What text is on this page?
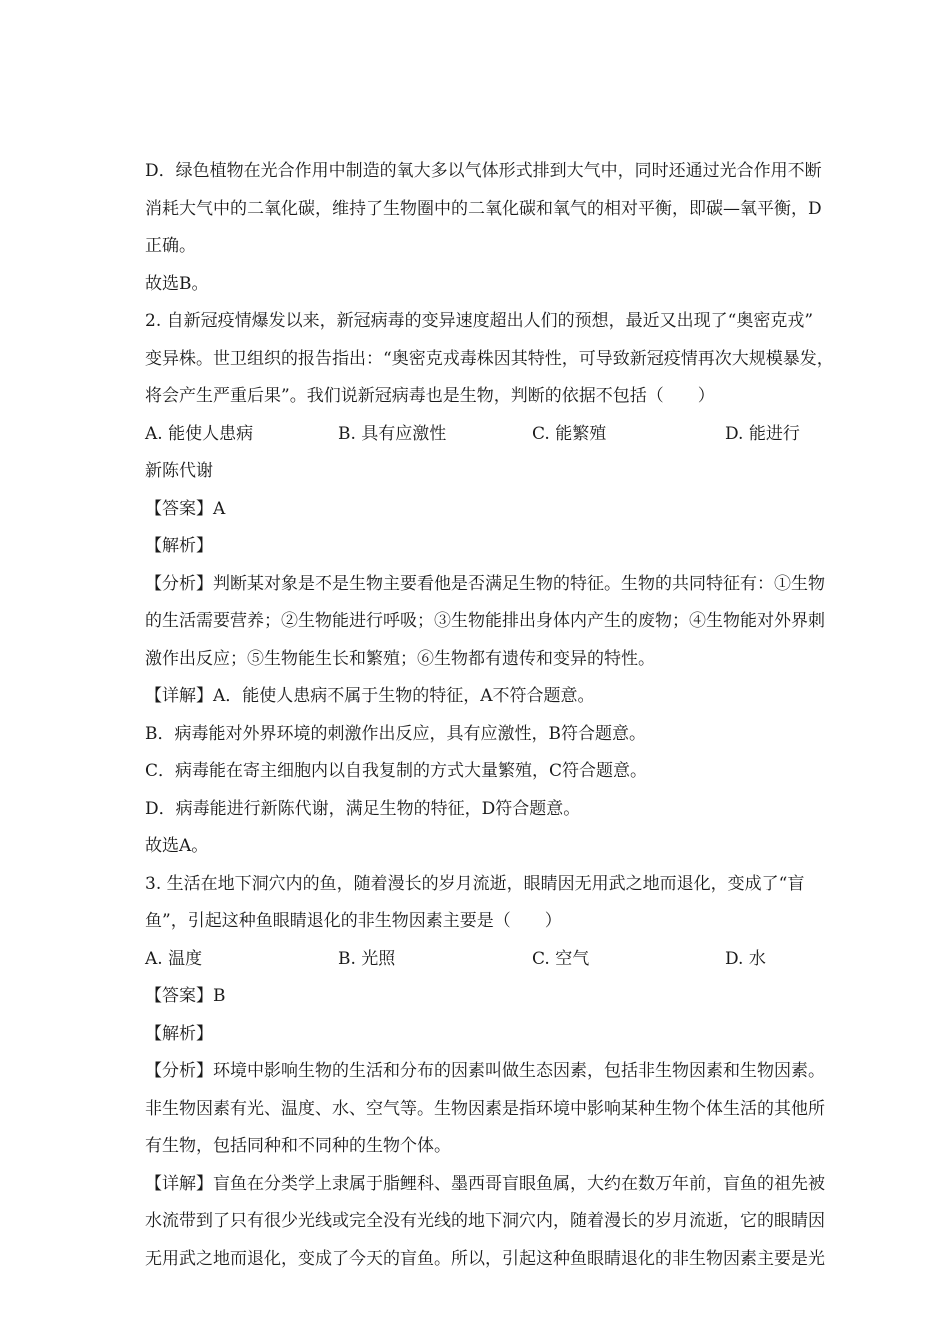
D．绿色植物在光合作用中制造的氧大多以气体形式排到大气中，同时还通过光合作用不断
消耗大气中的二氧化碳，维持了生物圈中的二氧化碳和氧气的相对平衡，即碳—氧平衡，D
正确。
故选B。
2. 自新冠疫情爆发以来，新冠病毒的变异速度超出人们的预想，最近又出现了“奥密克戎”
变异株。世卫组织的报告指出：“奥密克戎毒株因其特性，可导致新冠疫情再次大规模暴发，
将会产生严重后果”。我们说新冠病毒也是生物，判断的依据不包括（　　）
A. 能使人患病	B. 具有应激性	C. 能繁殖	D. 能进行
新陈代谢
【答案】A
【解析】
【分析】判断某对象是不是生物主要看他是否满足生物的特征。生物的共同特征有：①生物
的生活需要营养；②生物能进行呼吸；③生物能排出身体内产生的废物；④生物能对外界刺
激作出反应；⑤生物能生长和繁殖；⑥生物都有遗传和变异的特性。
【详解】A．能使人患病不属于生物的特征，A不符合题意。
B．病毒能对外界环境的刺激作出反应，具有应激性，B符合题意。
C．病毒能在寄主细胞内以自我复制的方式大量繁殖，C符合题意。
D．病毒能进行新陈代谢，满足生物的特征，D符合题意。
故选A。
3. 生活在地下洞穴内的鱼，随着漫长的岁月流逝，眼睛因无用武之地而退化，变成了“盲
鱼”，引起这种鱼眼睛退化的非生物因素主要是（　　）
A. 温度	B. 光照	C. 空气	D. 水
【答案】B
【解析】
【分析】环境中影响生物的生活和分布的因素叫做生态因素，包括非生物因素和生物因素。
非生物因素有光、温度、水、空气等。生物因素是指环境中影响某种生物个体生活的其他所
有生物，包括同种和不同种的生物个体。
【详解】盲鱼在分类学上隶属于脂鲤科、墨西哥盲眼鱼属，大约在数万年前，盲鱼的祖先被
水流带到了只有很少光线或完全没有光线的地下洞穴内，随着漫长的岁月流逝，它的眼睛因
无用武之地而退化，变成了今天的盲鱼。所以，引起这种鱼眼睛退化的非生物因素主要是光
